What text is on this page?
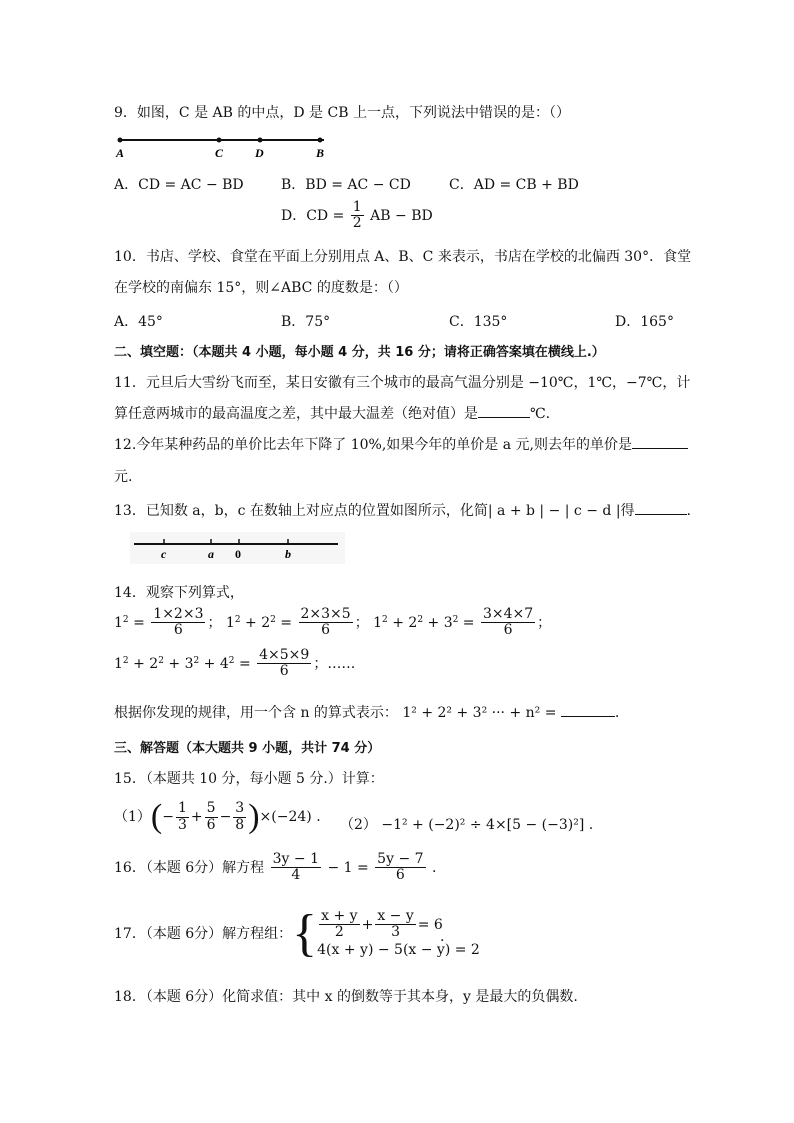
9．如图，C 是 AB 的中点，D 是 CB 上一点，下列说法中错误的是：（）
A	C	D	B
A．CD = AC − BD	B．BD = AC − CD	C．AD = CB + BD
D．CD = $\frac{1}{2}$ AB − BD
10．书店、学校、食堂在平面上分别用点 A、B、C 来表示，书店在学校的北偏西 30°．食堂
在学校的南偏东 15°，则∠ABC 的度数是：（）
A．45°	B．75°	C．135°	D．165°
二、填空题：（本题共 4 小题，每小题 4 分，共 16 分；请将正确答案填在横线上.）
11．元旦后大雪纷飞而至，某日安徽有三个城市的最高气温分别是 −10℃，1℃，−7℃，计
算任意两城市的最高温度之差，其中最大温差（绝对值）是	℃.
12.今年某种药品的单价比去年下降了 10%,如果今年的单价是 a 元,则去年的单价是
元.
13．已知数 a，b，c 在数轴上对应点的位置如图所示，化简| a + b | − | c − d |得	.
c	a 0	b
14．观察下列算式，
$1^2 = \frac{1\times 2\times 3}{6}$ ； $1^2 + 2^2 = \frac{2\times 3\times 5}{6}$ ； $1^2 + 2^2 + 3^2 = \frac{3\times 4\times 7}{6}$ ；
$1^2 + 2^2 + 3^2 + 4^2 = \frac{4\times 5\times 9}{6}$ ；……
根据你发现的规律，用一个含 n 的算式表示： 1² + 2² + 3² ··· + n² =	.
三、解答题（本大题共 9 小题，共计 74 分）
15．（本题共 10 分，每小题 5 分.）计算：
$(1)(- \frac{1}{3} + \frac{5}{6} - \frac{3}{8} )\times(-24)$ . （2） −1² + (−2)² ÷ 4×[5 − (−3)²] .
16．（本题 6分）解方程 $\frac{3y - 1}{4} - 1 = \frac{5y - 7}{6}$ .
17．（本题 6分）解方程组：{ $\frac{x + y}{2} + \frac{x - y}{3} = 6$
4(x + y) − 5(x − y) = 2
.
18．（本题 6分）化简求值：其中 x 的倒数等于其本身，y 是最大的负偶数.
